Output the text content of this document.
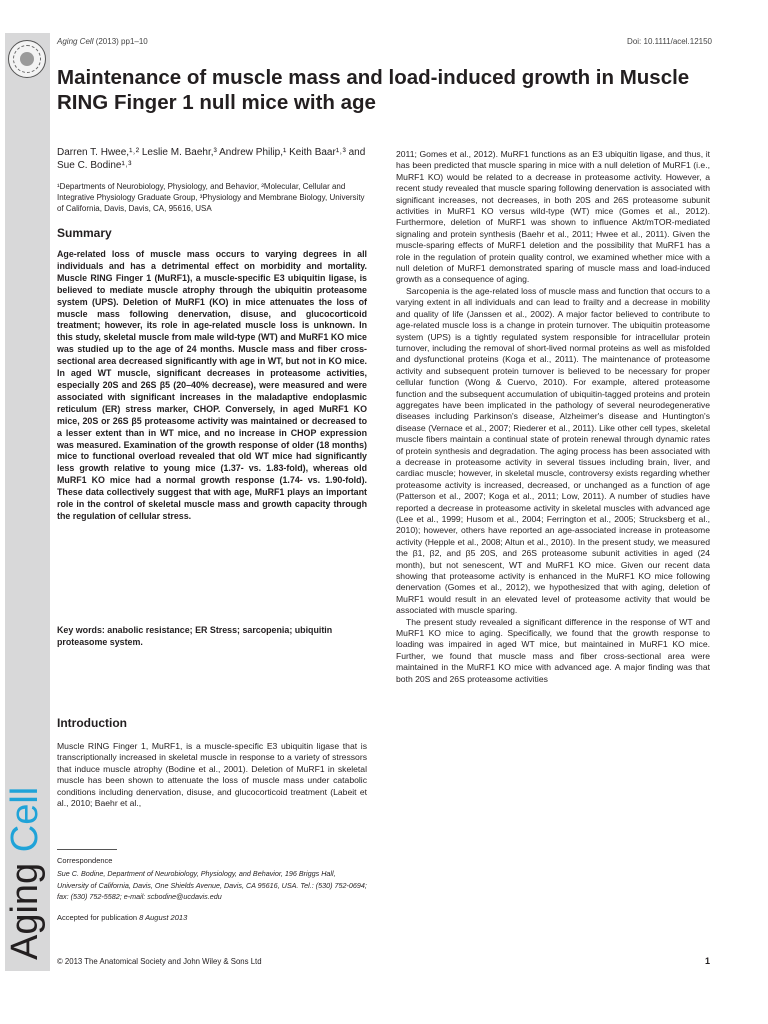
Aging Cell
Aging Cell (2013) pp1–10	Doi: 10.1111/acel.12150
Maintenance of muscle mass and load-induced growth in Muscle RING Finger 1 null mice with age
Darren T. Hwee,¹˒² Leslie M. Baehr,³ Andrew Philip,¹ Keith Baar¹˒³ and Sue C. Bodine¹˒³
¹Departments of Neurobiology, Physiology, and Behavior, ²Molecular, Cellular and Integrative Physiology Graduate Group, ³Physiology and Membrane Biology, University of California, Davis, Davis, CA, 95616, USA
Summary
Age-related loss of muscle mass occurs to varying degrees in all individuals and has a detrimental effect on morbidity and mortality. Muscle RING Finger 1 (MuRF1), a muscle-specific E3 ubiquitin ligase, is believed to mediate muscle atrophy through the ubiquitin proteasome system (UPS). Deletion of MuRF1 (KO) in mice attenuates the loss of muscle mass following denervation, disuse, and glucocorticoid treatment; however, its role in age-related muscle loss is unknown. In this study, skeletal muscle from male wild-type (WT) and MuRF1 KO mice was studied up to the age of 24 months. Muscle mass and fiber cross-sectional area decreased significantly with age in WT, but not in KO mice. In aged WT muscle, significant decreases in proteasome activities, especially 20S and 26S β5 (20–40% decrease), were measured and were associated with significant increases in the maladaptive endoplasmic reticulum (ER) stress marker, CHOP. Conversely, in aged MuRF1 KO mice, 20S or 26S β5 proteasome activity was maintained or decreased to a lesser extent than in WT mice, and no increase in CHOP expression was measured. Examination of the growth response of older (18 months) mice to functional overload revealed that old WT mice had significantly less growth relative to young mice (1.37- vs. 1.83-fold), whereas old MuRF1 KO mice had a normal growth response (1.74- vs. 1.90-fold). These data collectively suggest that with age, MuRF1 plays an important role in the control of skeletal muscle mass and growth capacity through the regulation of cellular stress.
Key words: anabolic resistance; ER Stress; sarcopenia; ubiquitin proteasome system.
Introduction
Muscle RING Finger 1, MuRF1, is a muscle-specific E3 ubiquitin ligase that is transcriptionally increased in skeletal muscle in response to a variety of stressors that induce muscle atrophy (Bodine et al., 2001). Deletion of MuRF1 in skeletal muscle has been shown to attenuate the loss of muscle mass under catabolic conditions including denervation, disuse, and glucocorticoid treatment (Labeit et al., 2010; Baehr et al.,
Correspondence
Sue C. Bodine, Department of Neurobiology, Physiology, and Behavior, 196 Briggs Hall, University of California, Davis, One Shields Avenue, Davis, CA 95616, USA. Tel.: (530) 752-0694; fax: (530) 752-5582; e-mail: scbodine@ucdavis.edu
Accepted for publication 8 August 2013

2011; Gomes et al., 2012). MuRF1 functions as an E3 ubiquitin ligase, and thus, it has been predicted that muscle sparing in mice with a null deletion of MuRF1 (i.e., MuRF1 KO) would be related to a decrease in proteasome activity. However, a recent study revealed that muscle sparing following denervation is associated with significant increases, not decreases, in both 20S and 26S proteasome subunit activities in MuRF1 KO versus wild-type (WT) mice (Gomes et al., 2012). Furthermore, deletion of MuRF1 was shown to influence Akt/mTOR-mediated signaling and protein synthesis (Baehr et al., 2011; Hwee et al., 2011). Given the muscle-sparing effects of MuRF1 deletion and the possibility that MuRF1 has a role in the regulation of protein quality control, we examined whether mice with a null deletion of MuRF1 demonstrated sparing of muscle mass and load-induced growth as a consequence of aging.

Sarcopenia is the age-related loss of muscle mass and function that occurs to a varying extent in all individuals and can lead to frailty and a decrease in mobility and quality of life (Janssen et al., 2002). A major factor believed to contribute to age-related muscle loss is a change in protein turnover. The ubiquitin proteasome system (UPS) is a tightly regulated system responsible for intracellular protein turnover, including the removal of short-lived normal proteins as well as misfolded and dysfunctional proteins (Koga et al., 2011). The maintenance of proteasome activity and subsequent protein turnover is believed to be necessary for proper cellular function (Wong & Cuervo, 2010). For example, altered proteasome function and the subsequent accumulation of ubiquitin-tagged proteins and protein aggregates have been implicated in the pathology of several neurodegenerative diseases including Parkinson's disease, Alzheimer's disease and Huntington's disease (Vernace et al., 2007; Riederer et al., 2011). Like other cell types, skeletal muscle fibers maintain a continual state of protein renewal through dynamic rates of protein synthesis and degradation. The aging process has been associated with a decrease in proteasome activity in several tissues including brain, liver, and cardiac muscle; however, in skeletal muscle, controversy exists regarding whether proteasome activity is increased, decreased, or unchanged as a function of age (Patterson et al., 2007; Koga et al., 2011; Low, 2011). A number of studies have reported a decrease in proteasome activity in skeletal muscles with advanced age (Lee et al., 1999; Husom et al., 2004; Ferrington et al., 2005; Strucksberg et al., 2010); however, others have reported an age-associated increase in proteasome activity (Hepple et al., 2008; Altun et al., 2010). In the present study, we measured the β1, β2, and β5 20S, and 26S proteasome subunit activities in aged (24 month), but not senescent, WT and MuRF1 KO mice. Given our recent data showing that proteasome activity is enhanced in the MuRF1 KO mice following denervation (Gomes et al., 2012), we hypothesized that with aging, deletion of MuRF1 would result in an elevated level of proteasome activity that would be associated with muscle sparing.

The present study revealed a significant difference in the response of WT and MuRF1 KO mice to aging. Specifically, we found that the growth response to loading was impaired in aged WT mice, but maintained in MuRF1 KO mice. Further, we found that muscle mass and fiber cross-sectional area were maintained in the MuRF1 KO mice with advanced age. A major finding was that both 20S and 26S proteasome activities

© 2013 The Anatomical Society and John Wiley & Sons Ltd	1
